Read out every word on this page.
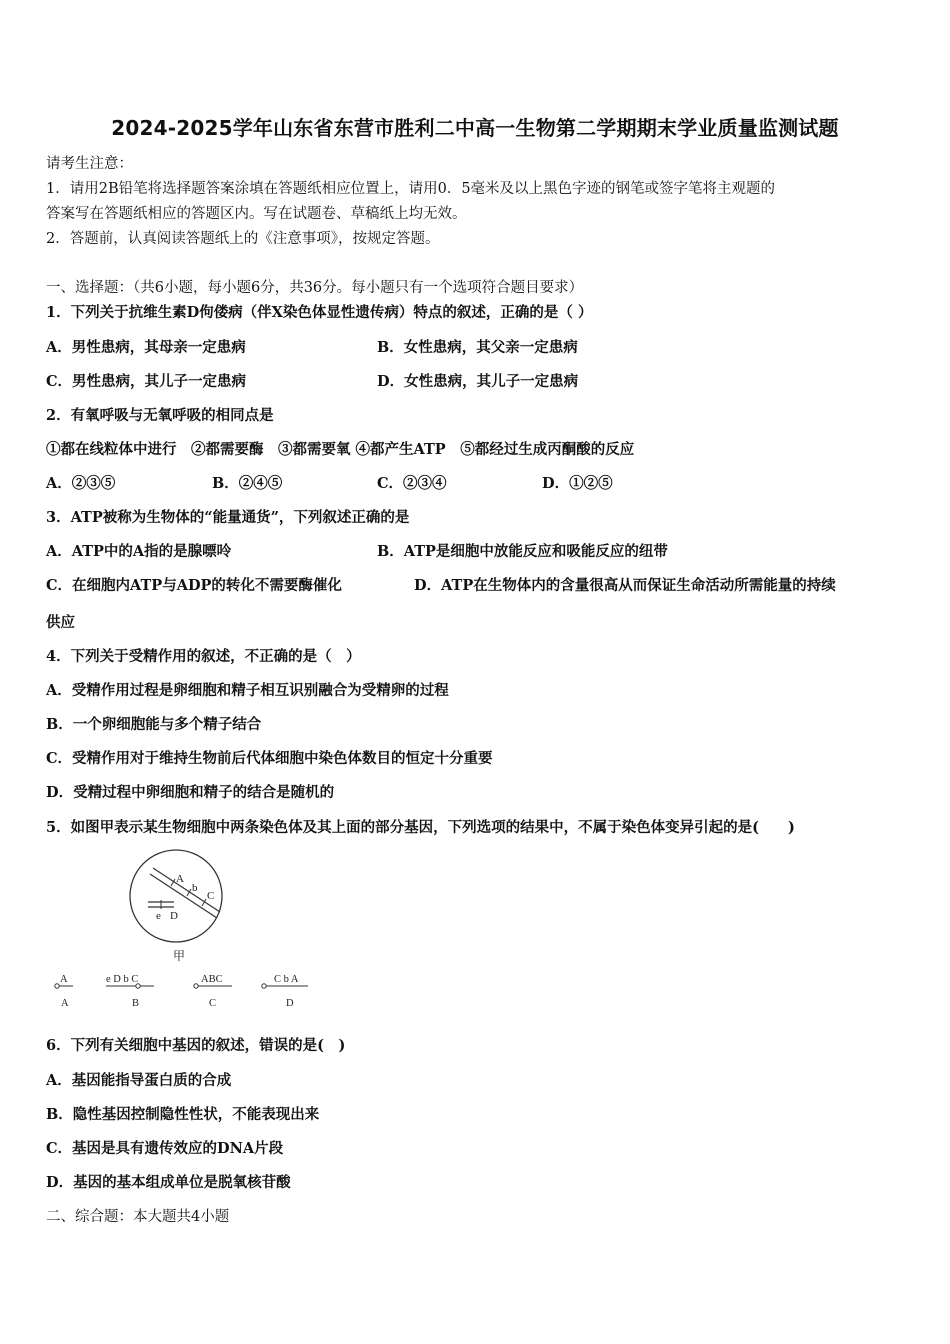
2024-2025学年山东省东营市胜利二中高一生物第二学期期末学业质量监测试题
请考生注意：
1．请用2B铅笔将选择题答案涂填在答题纸相应位置上，请用0．5毫米及以上黑色字迹的钢笔或签字笔将主观题的
答案写在答题纸相应的答题区内。写在试题卷、草稿纸上均无效。
2．答题前，认真阅读答题纸上的《注意事项》，按规定答题。
一、选择题：（共6小题，每小题6分，共36分。每小题只有一个选项符合题目要求）
1．下列关于抗维生素D佝偻病（伴X染色体显性遗传病）特点的叙述，正确的是（ ）
A．男性患病，其母亲一定患病	B．女性患病，其父亲一定患病
C．男性患病，其儿子一定患病	D．女性患病，其儿子一定患病
2．有氧呼吸与无氧呼吸的相同点是
①都在线粒体中进行　②都需要酶　③都需要氧 ④都产生ATP　⑤都经过生成丙酮酸的反应
A．②③⑤	B．②④⑤	C．②③④	D．①②⑤
3．ATP被称为生物体的“能量通货”，下列叙述正确的是
A．ATP中的A指的是腺嘌呤	B．ATP是细胞中放能反应和吸能反应的纽带
C．在细胞内ATP与ADP的转化不需要酶催化	D．ATP在生物体内的含量很高从而保证生命活动所需能量的持续
供应
4．下列关于受精作用的叙述，不正确的是（　）
A．受精作用过程是卵细胞和精子相互识别融合为受精卵的过程
B．一个卵细胞能与多个精子结合
C．受精作用对于维持生物前后代体细胞中染色体数目的恒定十分重要
D．受精过程中卵细胞和精子的结合是随机的
5．如图甲表示某生物细胞中两条染色体及其上面的部分基因，下列选项的结果中，不属于染色体变异引起的是(　　)
A
b
C
e D
甲
A
A
e D b C
B
ABC
C
C b A
D
6．下列有关细胞中基因的叙述，错误的是(　)
A．基因能指导蛋白质的合成
B．隐性基因控制隐性性状，不能表现出来
C．基因是具有遗传效应的DNA片段
D．基因的基本组成单位是脱氧核苷酸
二、综合题：本大题共4小题
